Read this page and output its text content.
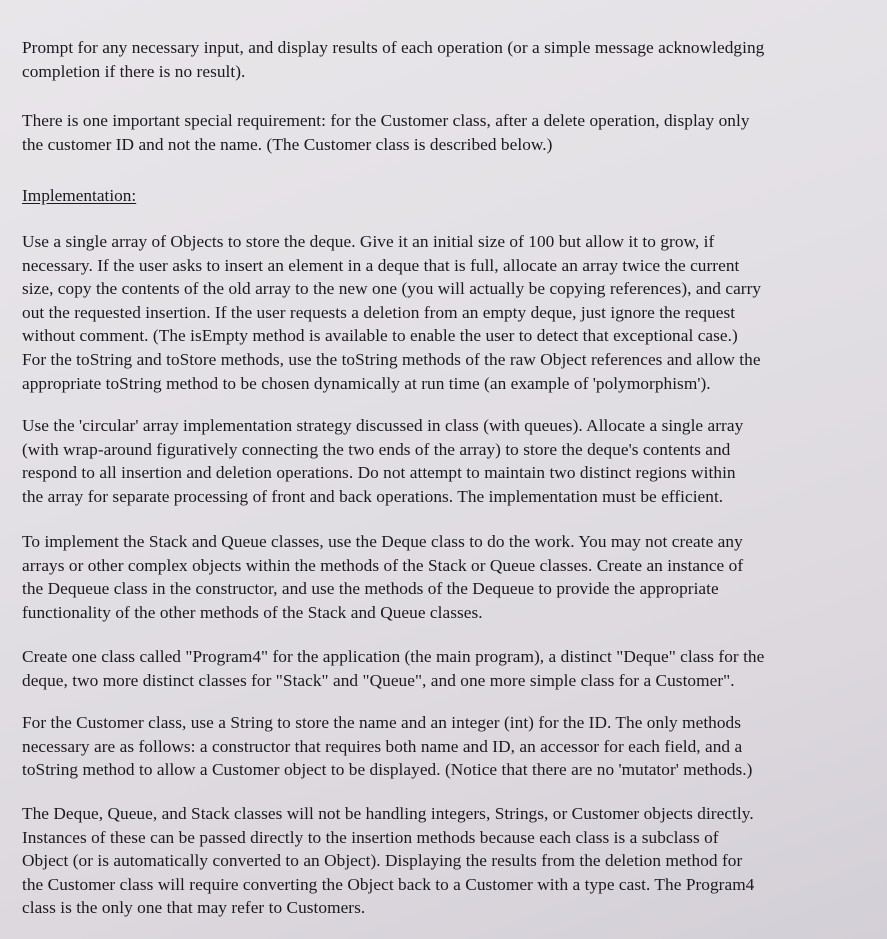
Prompt for any necessary input, and display results of each operation (or a simple message acknowledging
completion if there is no result).

There is one important special requirement: for the Customer class, after a delete operation, display only
the customer ID and not the name. (The Customer class is described below.)

Implementation:

Use a single array of Objects to store the deque. Give it an initial size of 100 but allow it to grow, if
necessary. If the user asks to insert an element in a deque that is full, allocate an array twice the current
size, copy the contents of the old array to the new one (you will actually be copying references), and carry
out the requested insertion. If the user requests a deletion from an empty deque, just ignore the request
without comment. (The isEmpty method is available to enable the user to detect that exceptional case.)
For the toString and toStore methods, use the toString methods of the raw Object references and allow the
appropriate toString method to be chosen dynamically at run time (an example of 'polymorphism').

Use the 'circular' array implementation strategy discussed in class (with queues). Allocate a single array
(with wrap-around figuratively connecting the two ends of the array) to store the deque's contents and
respond to all insertion and deletion operations. Do not attempt to maintain two distinct regions within
the array for separate processing of front and back operations. The implementation must be efficient.

To implement the Stack and Queue classes, use the Deque class to do the work. You may not create any
arrays or other complex objects within the methods of the Stack or Queue classes. Create an instance of
the Dequeue class in the constructor, and use the methods of the Dequeue to provide the appropriate
functionality of the other methods of the Stack and Queue classes.

Create one class called "Program4" for the application (the main program), a distinct "Deque" class for the
deque, two more distinct classes for "Stack" and "Queue", and one more simple class for a Customer".

For the Customer class, use a String to store the name and an integer (int) for the ID. The only methods
necessary are as follows: a constructor that requires both name and ID, an accessor for each field, and a
toString method to allow a Customer object to be displayed. (Notice that there are no 'mutator' methods.)

The Deque, Queue, and Stack classes will not be handling integers, Strings, or Customer objects directly.
Instances of these can be passed directly to the insertion methods because each class is a subclass of
Object (or is automatically converted to an Object). Displaying the results from the deletion method for
the Customer class will require converting the Object back to a Customer with a type cast. The Program4
class is the only one that may refer to Customers.
